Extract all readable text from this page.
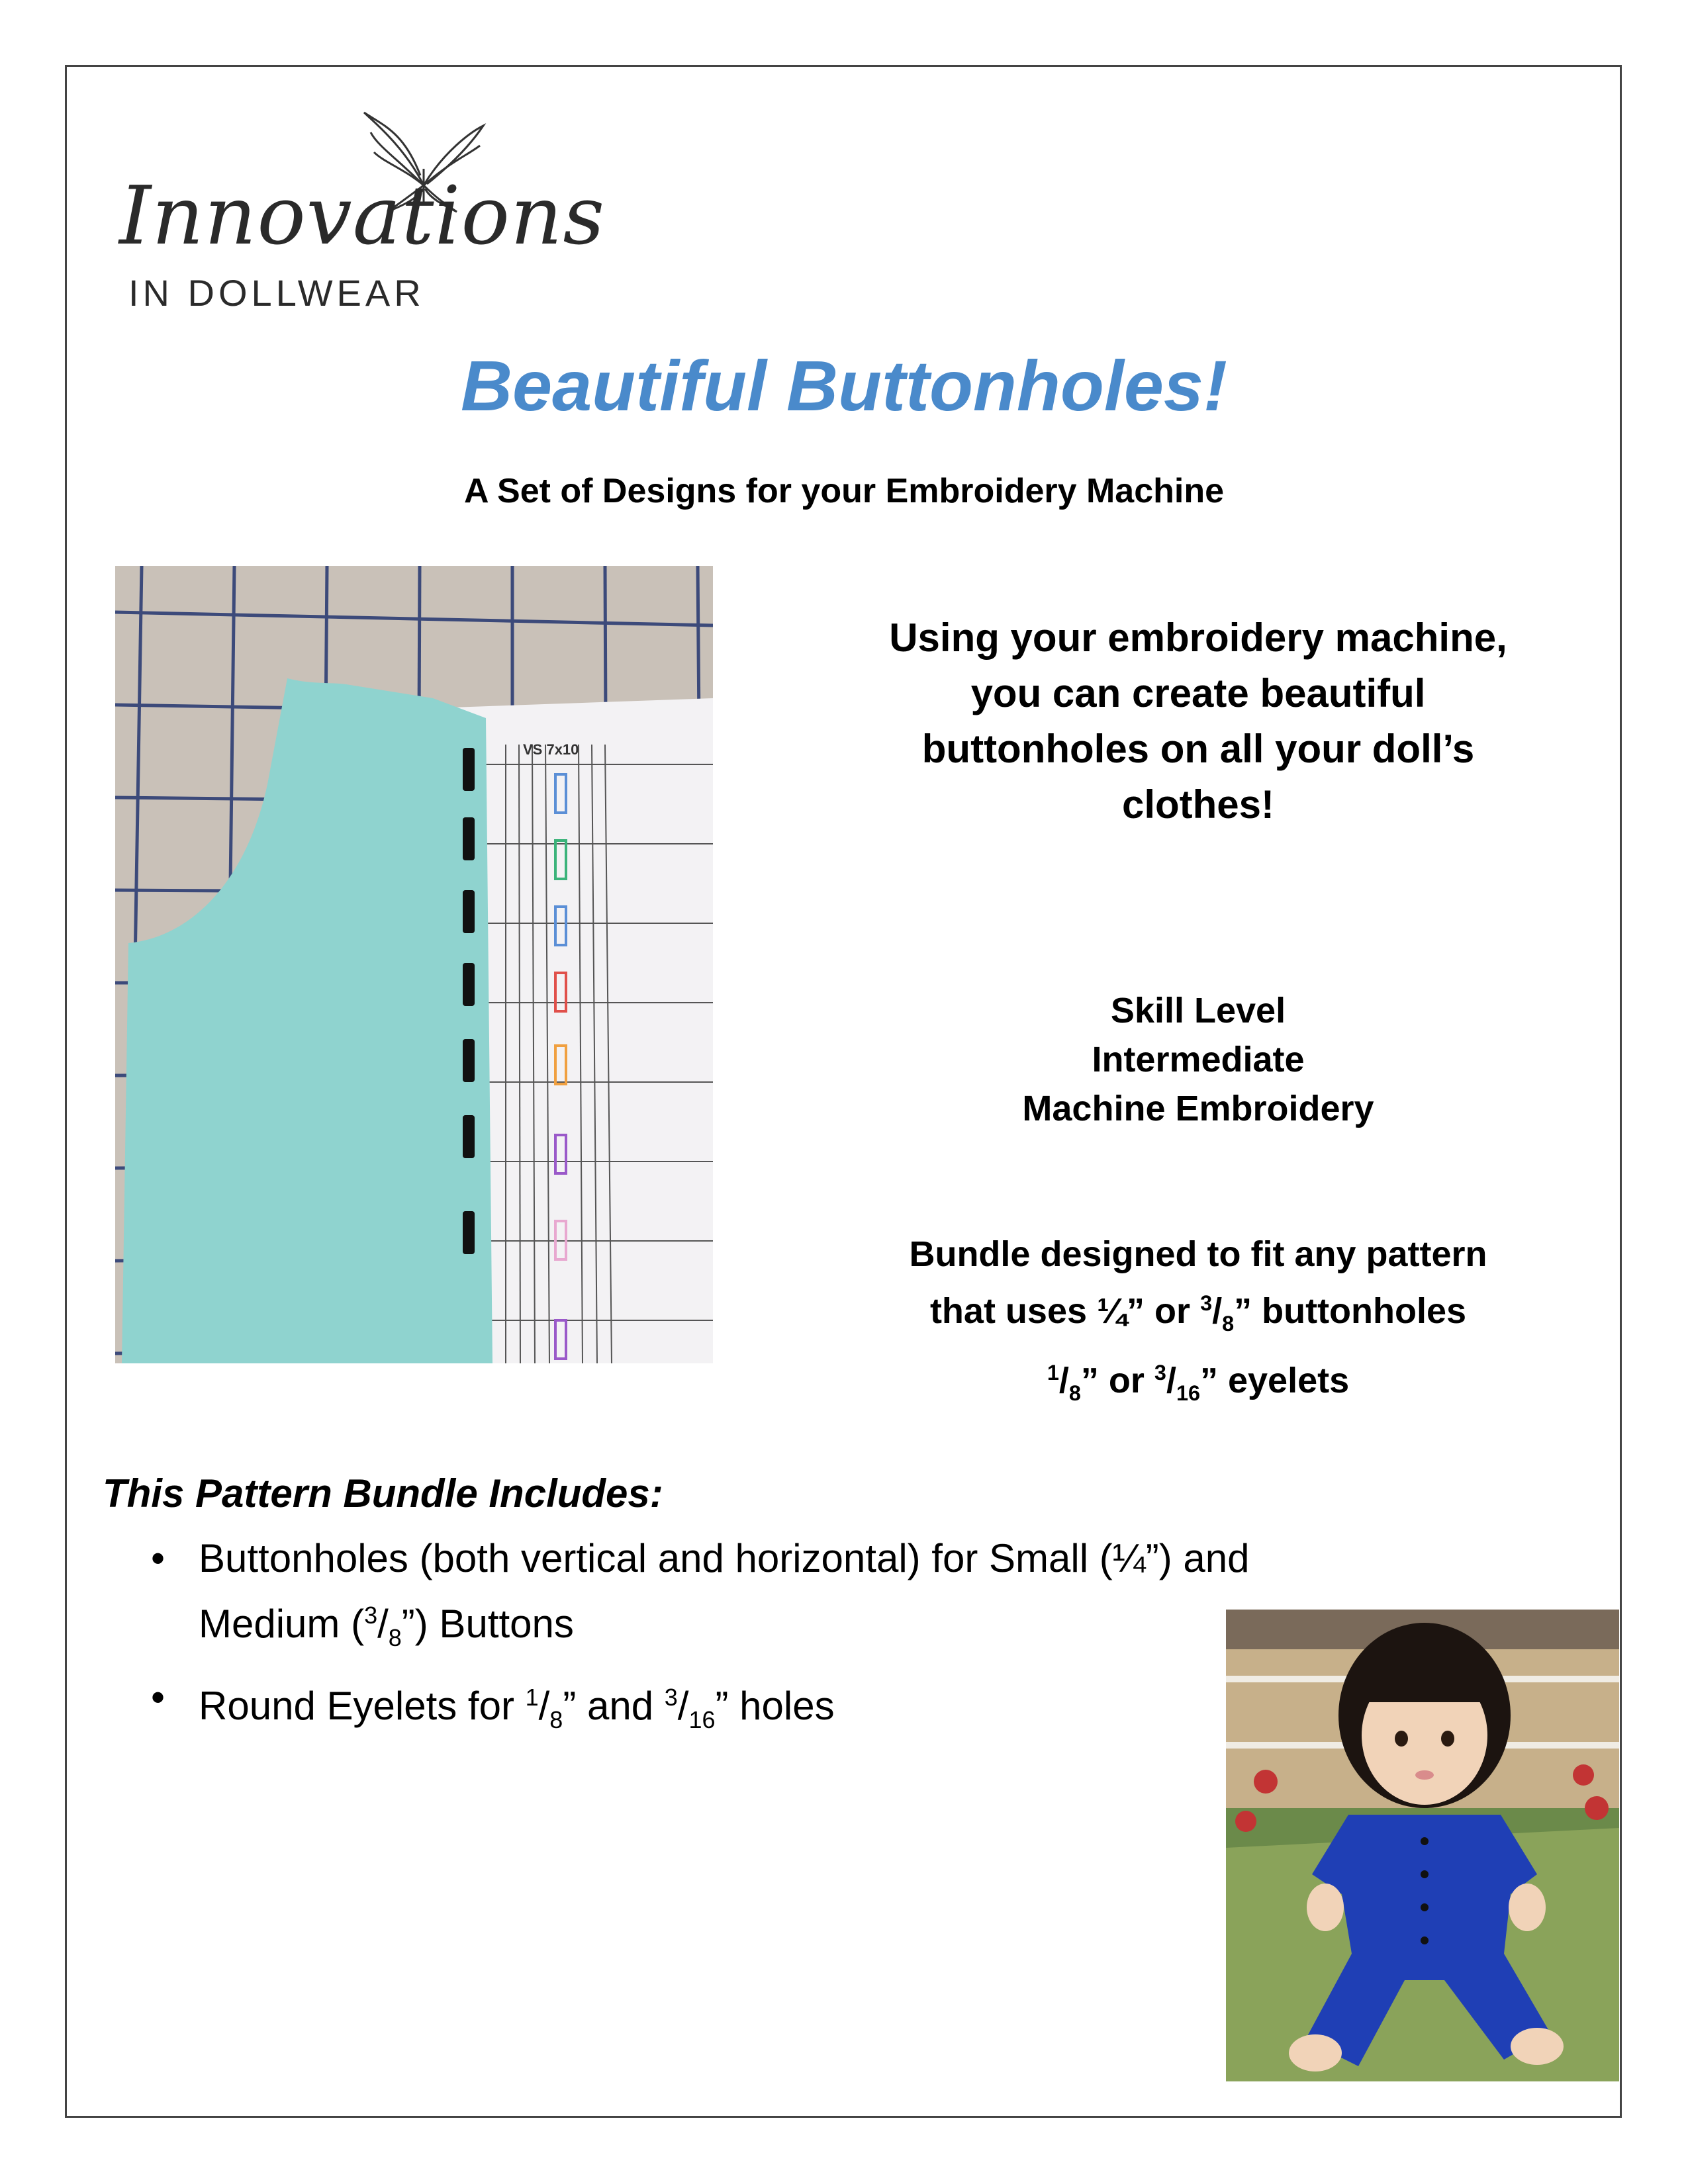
Innovations
IN DOLLWEAR
Beautiful Buttonholes!
A Set of Designs for your Embroidery Machine
VS 7x10
Using your embroidery machine,
you can create beautiful
buttonholes on all your doll’s
clothes!
Skill Level
Intermediate
Machine Embroidery
Bundle designed to fit any pattern
that uses ¼” or $^3/_8$” buttonholes
$^1/_8$” or $^3/_{16}$” eyelets
This Pattern Bundle Includes:
• Buttonholes (both vertical and horizontal) for Small (¼”) and
Medium $(^3/_8”)$ Buttons
• Round Eyelets for $^1/_8$” and $^3/_{16}$” holes
